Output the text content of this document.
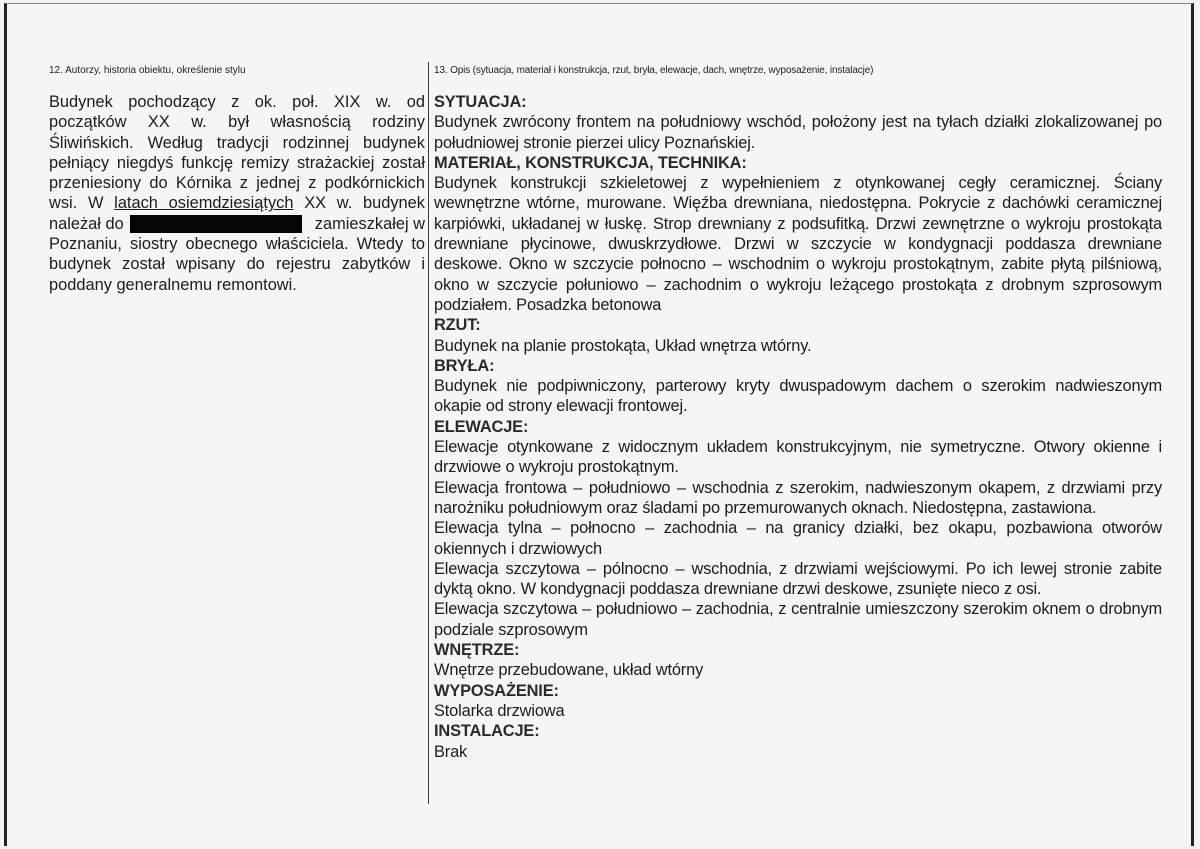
12. Autorzy, historia obiektu, określenie stylu
Budynek pochodzący z ok. poł. XIX w. od
początków XX w. był własnością rodziny
Śliwińskich. Według tradycji rodzinnej budynek
pełniący niegdyś funkcję remizy strażackiej został
przeniesiony do Kórnika z jednej z podkórnickich
wsi. W latach osiemdziesiątych XX w. budynek
należał do	zamieszkałej w
Poznaniu, siostry obecnego właściciela. Wtedy to
budynek został wpisany do rejestru zabytków i
poddany generalnemu remontowi.
13. Opis (sytuacja, materiał i konstrukcja, rzut, bryła, elewacje, dach, wnętrze, wyposażenie, instalacje)

SYTUACJA:

Budynek zwrócony frontem na południowy wschód, położony jest na tyłach działki zlokalizowanej po południowej stronie pierzei ulicy Poznańskiej.

MATERIAŁ, KONSTRUKCJA, TECHNIKA:

Budynek konstrukcji szkieletowej z wypełnieniem z otynkowanej cegły ceramicznej. Ściany wewnętrzne wtórne, murowane. Więźba drewniana, niedostępna. Pokrycie z dachówki ceramicznej karpiówki, układanej w łuskę. Strop drewniany z podsufitką. Drzwi zewnętrzne o wykroju prostokąta drewniane płycinowe, dwuskrzydłowe. Drzwi w szczycie w kondygnacji poddasza drewniane deskowe. Okno w szczycie połnocno – wschodnim o wykroju prostokątnym, zabite płytą pilśniową, okno w szczycie połuniowo – zachodnim o wykroju leżącego prostokąta z drobnym szprosowym podziałem. Posadzka betonowa

RZUT:

Budynek na planie prostokąta, Układ wnętrza wtórny.

BRYŁA:

Budynek nie podpiwniczony, parterowy kryty dwuspadowym dachem o szerokim nadwieszonym okapie od strony elewacji frontowej.

ELEWACJE:

Elewacje otynkowane z widocznym układem konstrukcyjnym, nie symetryczne. Otwory okienne i drzwiowe o wykroju prostokątnym.

Elewacja frontowa – południowo – wschodnia z szerokim, nadwieszonym okapem, z drzwiami przy narożniku południowym oraz śladami po przemurowanych oknach. Niedostępna, zastawiona.

Elewacja tylna – połnocno – zachodnia – na granicy działki, bez okapu, pozbawiona otworów okiennych i drzwiowych

Elewacja szczytowa – pólnocno – wschodnia, z drzwiami wejściowymi. Po ich lewej stronie zabite dyktą okno. W kondygnacji poddasza drewniane drzwi deskowe, zsunięte nieco z osi.

Elewacja szczytowa – południowo – zachodnia, z centralnie umieszczony szerokim oknem o drobnym podziale szprosowym

WNĘTRZE:

Wnętrze przebudowane, układ wtórny

WYPOSAŻENIE:

Stolarka drzwiowa

INSTALACJE:

Brak
